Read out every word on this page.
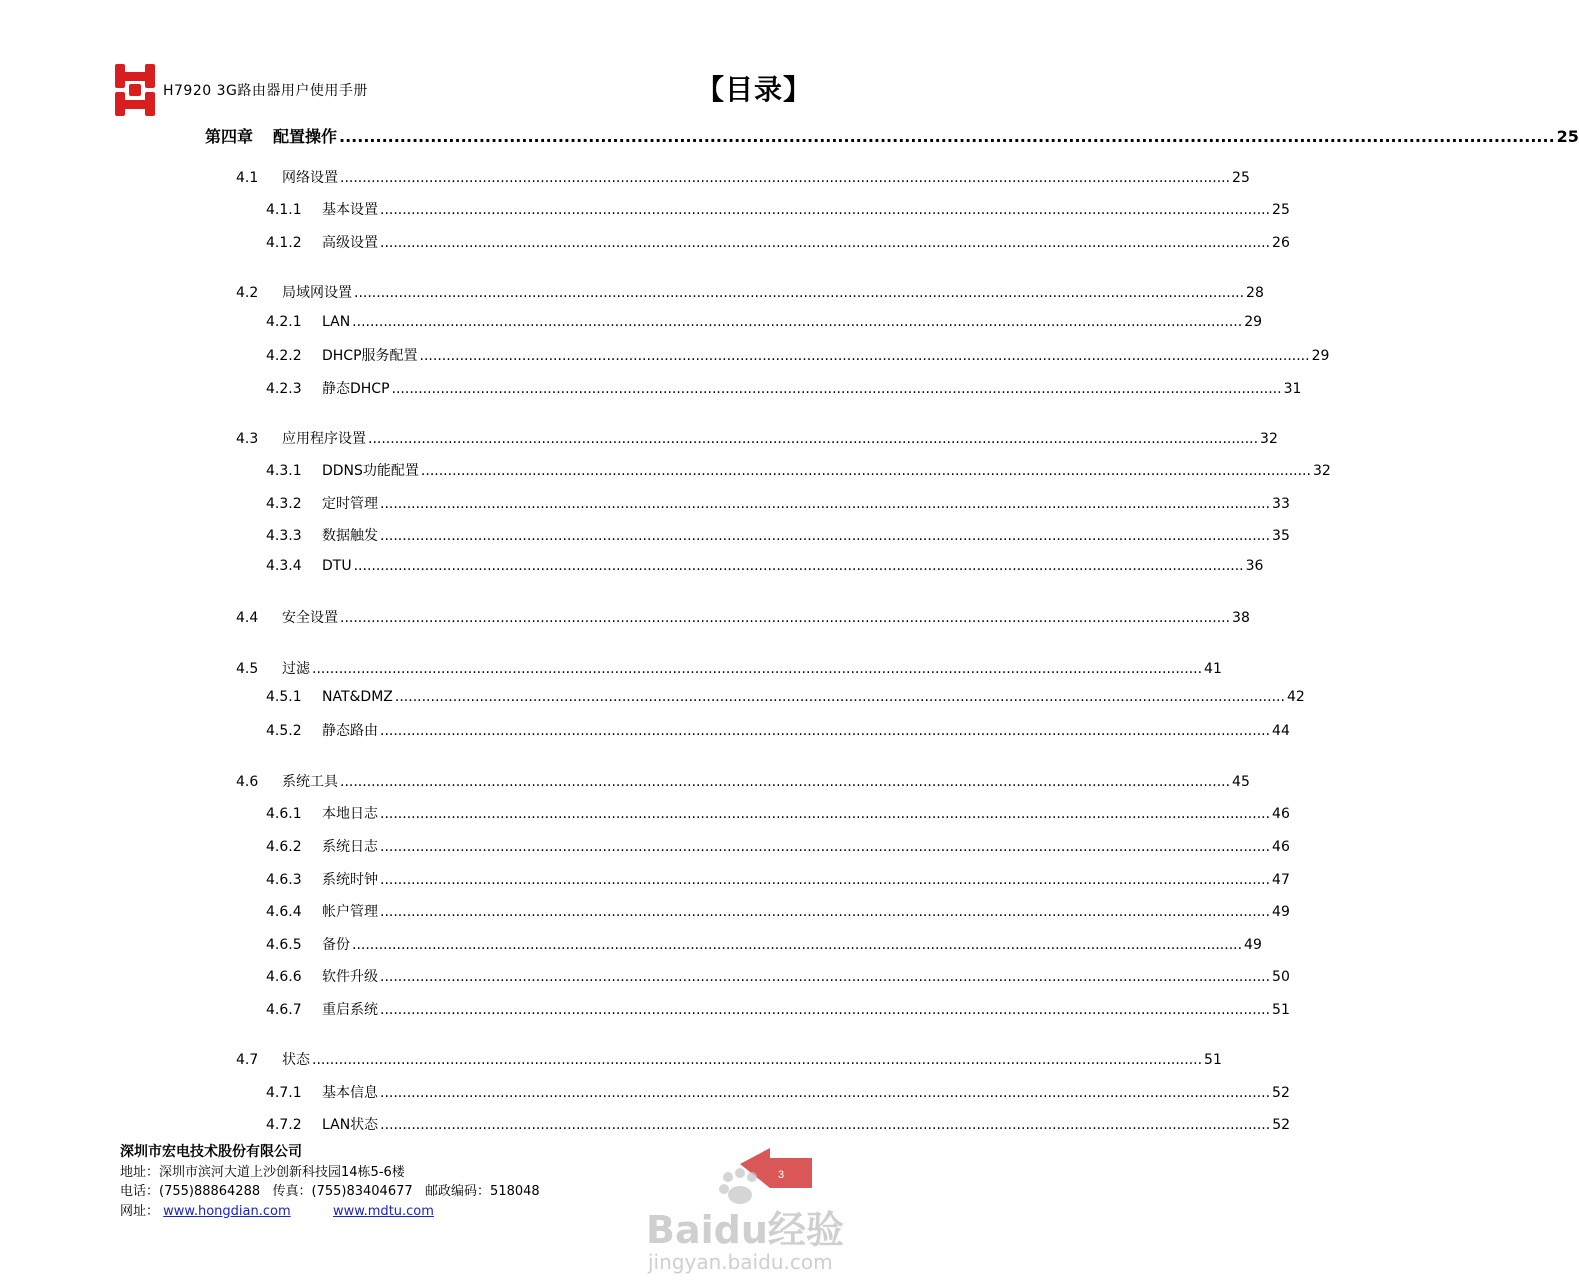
H7920 3G路由器用户使用手册	【目录】
第四章	配置操作 ........................................................................................................................................................................................................ 25
4.1	网络设置 ........................................................................................................................................................................................................ 25
4.1.1	基本设置 ........................................................................................................................................................................................................ 25
4.1.2	高级设置 ........................................................................................................................................................................................................ 26
4.2	局域网设置 ........................................................................................................................................................................................................ 28
4.2.1	LAN ........................................................................................................................................................................................................ 29
4.2.2	DHCP服务配置 ........................................................................................................................................................................................................ 29
4.2.3	静态DHCP ........................................................................................................................................................................................................ 31
4.3	应用程序设置 ........................................................................................................................................................................................................ 32
4.3.1	DDNS功能配置 ........................................................................................................................................................................................................ 32
4.3.2	定时管理 ........................................................................................................................................................................................................ 33
4.3.3	数据触发 ........................................................................................................................................................................................................ 35
4.3.4	DTU ........................................................................................................................................................................................................ 36
4.4	安全设置 ........................................................................................................................................................................................................ 38
4.5	过滤 ........................................................................................................................................................................................................ 41
4.5.1	NAT&DMZ ........................................................................................................................................................................................................ 42
4.5.2	静态路由 ........................................................................................................................................................................................................ 44
4.6	系统工具 ........................................................................................................................................................................................................ 45
4.6.1	本地日志 ........................................................................................................................................................................................................ 46
4.6.2	系统日志 ........................................................................................................................................................................................................ 46
4.6.3	系统时钟 ........................................................................................................................................................................................................ 47
4.6.4	帐户管理 ........................................................................................................................................................................................................ 49
4.6.5	备份 ........................................................................................................................................................................................................ 49
4.6.6	软件升级 ........................................................................................................................................................................................................ 50
4.6.7	重启系统 ........................................................................................................................................................................................................ 51
4.7	状态 ........................................................................................................................................................................................................ 51
4.7.1	基本信息 ........................................................................................................................................................................................................ 52
4.7.2	LAN状态 ........................................................................................................................................................................................................ 52
深圳市宏电技术股份有限公司
地址：深圳市滨河大道上沙创新科技园14栋5-6楼
电话：(755)88864288   传真：(755)83404677   邮政编码：518048
网址： www.hongdian.com	www.mdtu.com
3
Baidu经验
jingyan.baidu.com
